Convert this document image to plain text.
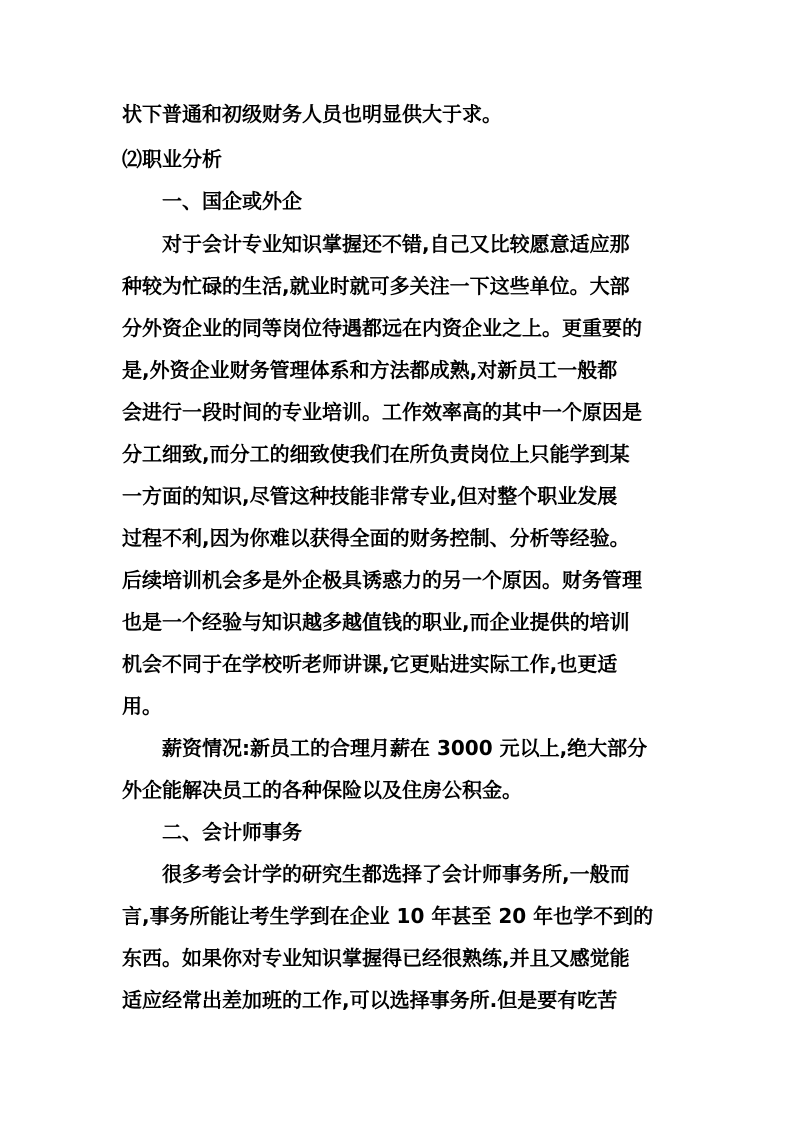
状下普通和初级财务人员也明显供大于求。
⑵职业分析
一、国企或外企
对于会计专业知识掌握还不错,自己又比较愿意适应那
种较为忙碌的生活,就业时就可多关注一下这些单位。大部
分外资企业的同等岗位待遇都远在内资企业之上。更重要的
是,外资企业财务管理体系和方法都成熟,对新员工一般都
会进行一段时间的专业培训。工作效率高的其中一个原因是
分工细致,而分工的细致使我们在所负责岗位上只能学到某
一方面的知识,尽管这种技能非常专业,但对整个职业发展
过程不利,因为你难以获得全面的财务控制、分析等经验。
后续培训机会多是外企极具诱惑力的另一个原因。财务管理
也是一个经验与知识越多越值钱的职业,而企业提供的培训
机会不同于在学校听老师讲课,它更贴进实际工作,也更适
用。
薪资情况:新员工的合理月薪在 3000 元以上,绝大部分
外企能解决员工的各种保险以及住房公积金。
二、会计师事务
很多考会计学的研究生都选择了会计师事务所,一般而
言,事务所能让考生学到在企业 10 年甚至 20 年也学不到的
东西。如果你对专业知识掌握得已经很熟练,并且又感觉能
适应经常出差加班的工作,可以选择事务所.但是要有吃苦
